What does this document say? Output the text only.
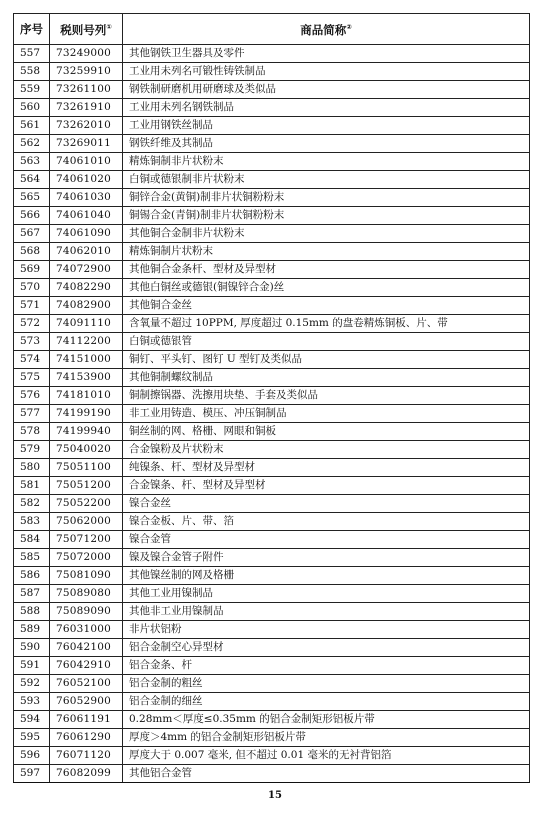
序号	税则号列①	商品简称②
557	73249000	其他钢铁卫生器具及零件
558	73259910	工业用未列名可锻性铸铁制品
559	73261100	钢铁制研磨机用研磨球及类似品
560	73261910	工业用未列名钢铁制品
561	73262010	工业用钢铁丝制品
562	73269011	钢铁纤维及其制品
563	74061010	精炼铜制非片状粉末
564	74061020	白铜或德银制非片状粉末
565	74061030	铜锌合金(黄铜)制非片状铜粉粉末
566	74061040	铜锡合金(青铜)制非片状铜粉粉末
567	74061090	其他铜合金制非片状粉末
568	74062010	精炼铜制片状粉末
569	74072900	其他铜合金条杆、型材及异型材
570	74082290	其他白铜丝或德银(铜镍锌合金)丝
571	74082900	其他铜合金丝
572	74091110	含氧量不超过 10PPM, 厚度超过 0.15mm 的盘卷精炼铜板、片、带
573	74112200	白铜或德银管
574	74151000	铜钉、平头钉、图钉 U 型钉及类似品
575	74153900	其他铜制螺纹制品
576	74181010	铜制擦锅器、洗擦用块垫、手套及类似品
577	74199190	非工业用铸造、模压、冲压铜制品
578	74199940	铜丝制的网、格栅、网眼和铜板
579	75040020	合金镍粉及片状粉末
580	75051100	纯镍条、杆、型材及异型材
581	75051200	合金镍条、杆、型材及异型材
582	75052200	镍合金丝
583	75062000	镍合金板、片、带、箔
584	75071200	镍合金管
585	75072000	镍及镍合金管子附件
586	75081090	其他镍丝制的网及格栅
587	75089080	其他工业用镍制品
588	75089090	其他非工业用镍制品
589	76031000	非片状铝粉
590	76042100	铝合金制空心异型材
591	76042910	铝合金条、杆
592	76052100	铝合金制的粗丝
593	76052900	铝合金制的细丝
594	76061191	0.28mm＜厚度≤0.35mm 的铝合金制矩形铝板片带
595	76061290	厚度＞4mm 的铝合金制矩形铝板片带
596	76071120	厚度大于 0.007 毫米, 但不超过 0.01 毫米的无衬背铝箔
597	76082099	其他铝合金管
15
